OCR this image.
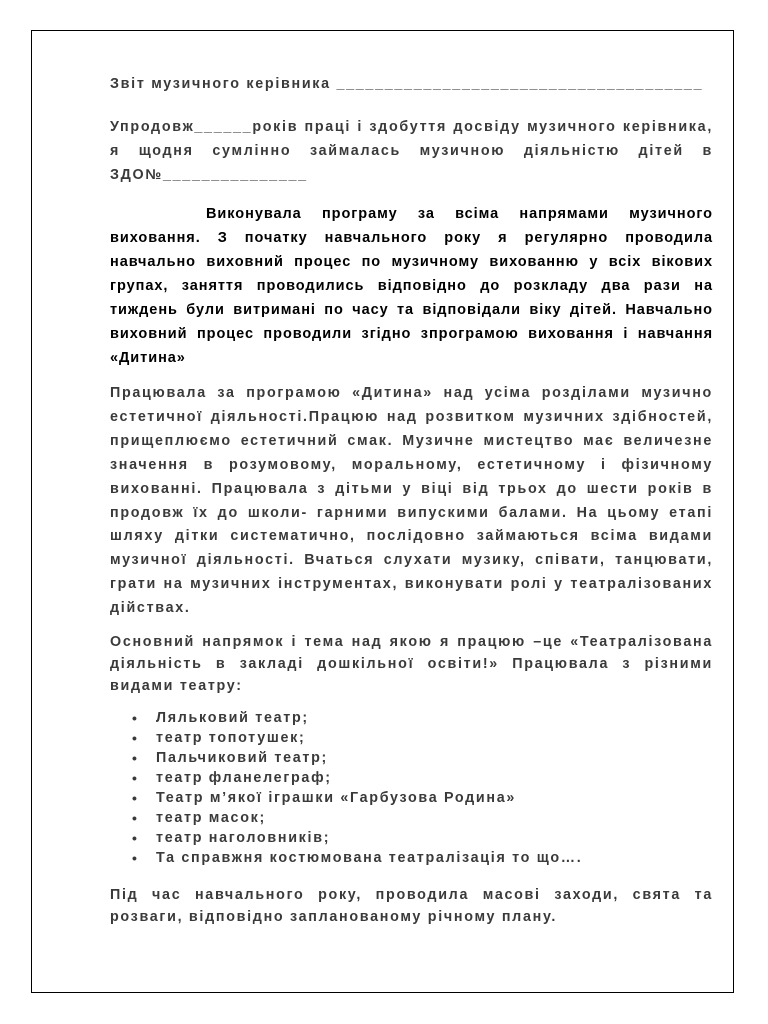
Звіт музичного керівника ______________________________________

Упродовж______років праці і здобуття досвіду музичного керівника, я щодня сумлінно займалась музичною діяльністю дітей в ЗДО№_______________

Виконувала програму за всіма напрямами музичного виховання. З початку навчального року я регулярно проводила навчально виховний процес по музичному вихованню у всіх вікових групах, заняття проводились відповідно до розкладу два рази на тиждень були витримані по часу та відповідали віку дітей. Навчально виховний процес проводили згідно зпрограмою виховання і навчання «Дитина»

Працювала за програмою «Дитина» над усіма розділами музично естетичної діяльності.Працюю над розвитком музичних здібностей, прищеплюємо естетичний смак. Музичне мистецтво має величезне значення в розумовому, моральному, естетичному і фізичному вихованні. Працювала з дітьми у віці від трьох до шести років в продовж їх до школи- гарними випускими балами. На цьому етапі шляху дітки систематично, послідовно займаються всіма видами музичної діяльності. Вчаться слухати музику, співати, танцювати, грати на музичних інструментах, виконувати ролі у театралізованих дійствах.

Основний напрямок і тема над якою я працюю –це «Театралізована діяльність в закладі дошкільної освіти!» Працювала з різними видами театру:

• Ляльковий театр;
• театр топотушек;
• Пальчиковий театр;
• театр фланелеграф;
• Театр м’якої іграшки «Гарбузова Родина»
• театр масок;
• театр наголовників;
• Та справжня костюмована театралізація то що….

Під час навчального року, проводила масові заходи, свята та розваги, відповідно запланованому річному плану.
